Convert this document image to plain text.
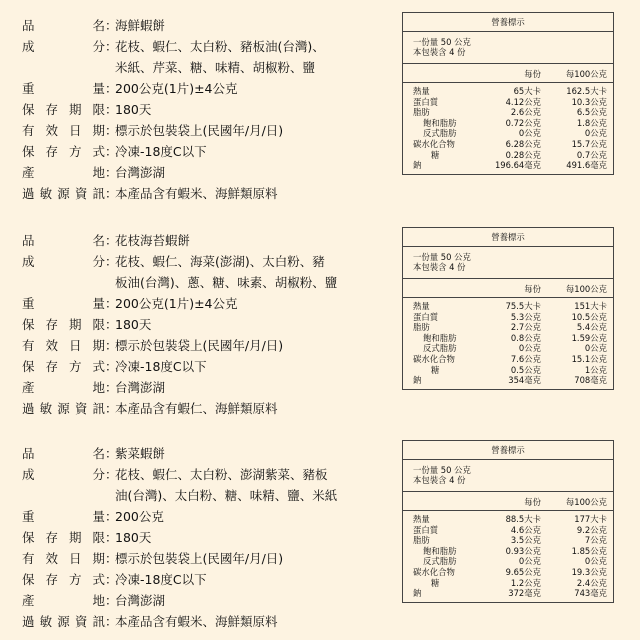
品	名 ：
海鮮蝦餅
成	分 ：
花枝、蝦仁、太白粉、豬板油(台灣)、
米紙、芹菜、糖、味精、胡椒粉、鹽
重	量 ：
200公克(1片)±4公克
保 存 期 限 ：
180天
有 效 日 期 ：
標示於包裝袋上(民國年/月/日)
保 存 方 式 ：
冷凍-18度C以下
產	地 ：
台灣澎湖
過 敏 源 資 訊 ：
本產品含有蝦米、海鮮類原料
營養標示
一份量 50 公克
本包裝含 4 份
每份	每100公克
熱量	65大卡	162.5大卡
蛋白質	4.12公克	10.3公克
脂肪	2.6公克	6.5公克
飽和脂肪	0.72公克	1.8公克
反式脂肪	0公克	0公克
碳水化合物	6.28公克	15.7公克
糖	0.28公克	0.7公克
鈉	196.64毫克	491.6毫克
品	名 ：
花枝海苔蝦餅
成	分 ：
花枝、蝦仁、海菜(澎湖)、太白粉、豬
板油(台灣)、蔥、糖、味素、胡椒粉、鹽
重	量 ：
200公克(1片)±4公克
保 存 期 限 ：
180天
有 效 日 期 ：
標示於包裝袋上(民國年/月/日)
保 存 方 式 ：
冷凍-18度C以下
產	地 ：
台灣澎湖
過 敏 源 資 訊 ：
本產品含有蝦仁、海鮮類原料
營養標示
一份量 50 公克
本包裝含 4 份
每份	每100公克
熱量	75.5大卡	151大卡
蛋白質	5.3公克	10.5公克
脂肪	2.7公克	5.4公克
飽和脂肪	0.8公克	1.59公克
反式脂肪	0公克	0公克
碳水化合物	7.6公克	15.1公克
糖	0.5公克	1公克
鈉	354毫克	708毫克
品	名 ：
紫菜蝦餅
成	分 ：
花枝、蝦仁、太白粉、澎湖紫菜、豬板
油(台灣)、太白粉、糖、味精、鹽、米紙
重	量 ：
200公克
保 存 期 限 ：
180天
有 效 日 期 ：
標示於包裝袋上(民國年/月/日)
保 存 方 式 ：
冷凍-18度C以下
產	地 ：
台灣澎湖
過 敏 源 資 訊 ：
本產品含有蝦米、海鮮類原料
營養標示
一份量 50 公克
本包裝含 4 份
每份	每100公克
熱量	88.5大卡	177大卡
蛋白質	4.6公克	9.2公克
脂肪	3.5公克	7公克
飽和脂肪	0.93公克	1.85公克
反式脂肪	0公克	0公克
碳水化合物	9.65公克	19.3公克
糖	1.2公克	2.4公克
鈉	372毫克	743毫克
